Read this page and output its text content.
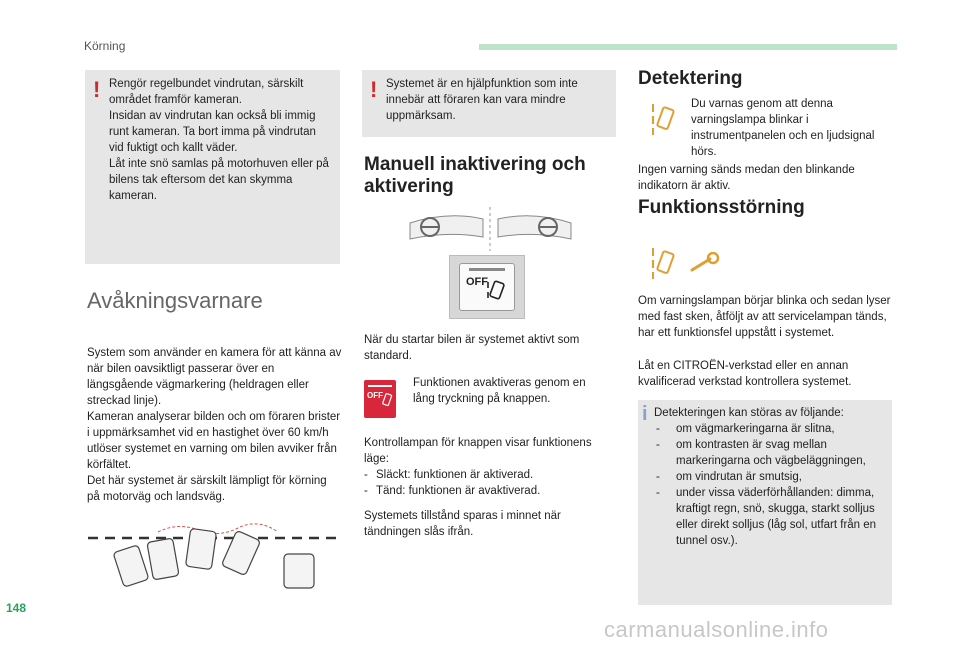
Körning
! Rengör regelbundet vindrutan, särskilt området framför kameran.
Insidan av vindrutan kan också bli immig runt kameran. Ta bort imma på vindrutan vid fuktigt och kallt väder.
Låt inte snö samlas på motorhuven eller på bilens tak eftersom det kan skymma kameran.
Avåkningsvarnare
System som använder en kamera för att känna av när bilen oavsiktligt passerar över en längsgående vägmarkering (heldragen eller streckad linje).
Kameran analyserar bilden och om föraren brister i uppmärksamhet vid en hastighet över 60 km/h utlöser systemet en varning om bilen avviker från körfältet.
Det här systemet är särskilt lämpligt för körning på motorväg och landsväg.
! Systemet är en hjälpfunktion som inte innebär att föraren kan vara mindre uppmärksam.
Manuell inaktivering och aktivering
OFF
När du startar bilen är systemet aktivt som standard.
OFF
Funktionen avaktiveras genom en lång tryckning på knappen.
Kontrollampan för knappen visar funktionens läge:
- Släckt: funktionen är aktiverad.
- Tänd: funktionen är avaktiverad.
Systemets tillstånd sparas i minnet när tändningen slås ifrån.
Detektering
Du varnas genom att denna varningslampa blinkar i instrumentpanelen och en ljudsignal hörs.
Ingen varning sänds medan den blinkande indikatorn är aktiv.
Funktionsstörning
Om varningslampan börjar blinka och sedan lyser med fast sken, åtföljt av att servicelampan tänds, har ett funktionsfel uppstått i systemet.
Låt en CITROËN-verkstad eller en annan kvalificerad verkstad kontrollera systemet.
i Detekteringen kan störas av följande:
- om vägmarkeringarna är slitna,
- om kontrasten är svag mellan markeringarna och vägbeläggningen,
- om vindrutan är smutsig,
- under vissa väderförhållanden: dimma, kraftigt regn, snö, skugga, starkt solljus eller direkt solljus (låg sol, utfart från en tunnel osv.).
148
carmanualsonline.info
